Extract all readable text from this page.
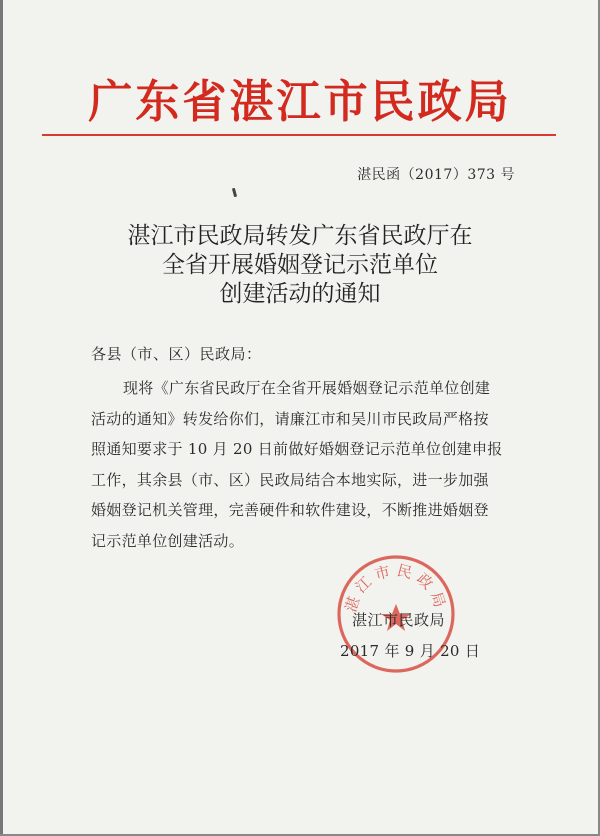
广东省湛江市民政局
湛民函（2017）373 号
湛江市民政局转发广东省民政厅在
全省开展婚姻登记示范单位
创建活动的通知
各县（市、区）民政局：
现将《广东省民政厅在全省开展婚姻登记示范单位创建
活动的通知》转发给你们，请廉江市和吴川市民政局严格按
照通知要求于 10 月 20 日前做好婚姻登记示范单位创建申报
工作，其余县（市、区）民政局结合本地实际，进一步加强
婚姻登记机关管理，完善硬件和软件建设，不断推进婚姻登
记示范单位创建活动。
湛江市民政局
湛江市民政局
2017 年 9 月 20 日
